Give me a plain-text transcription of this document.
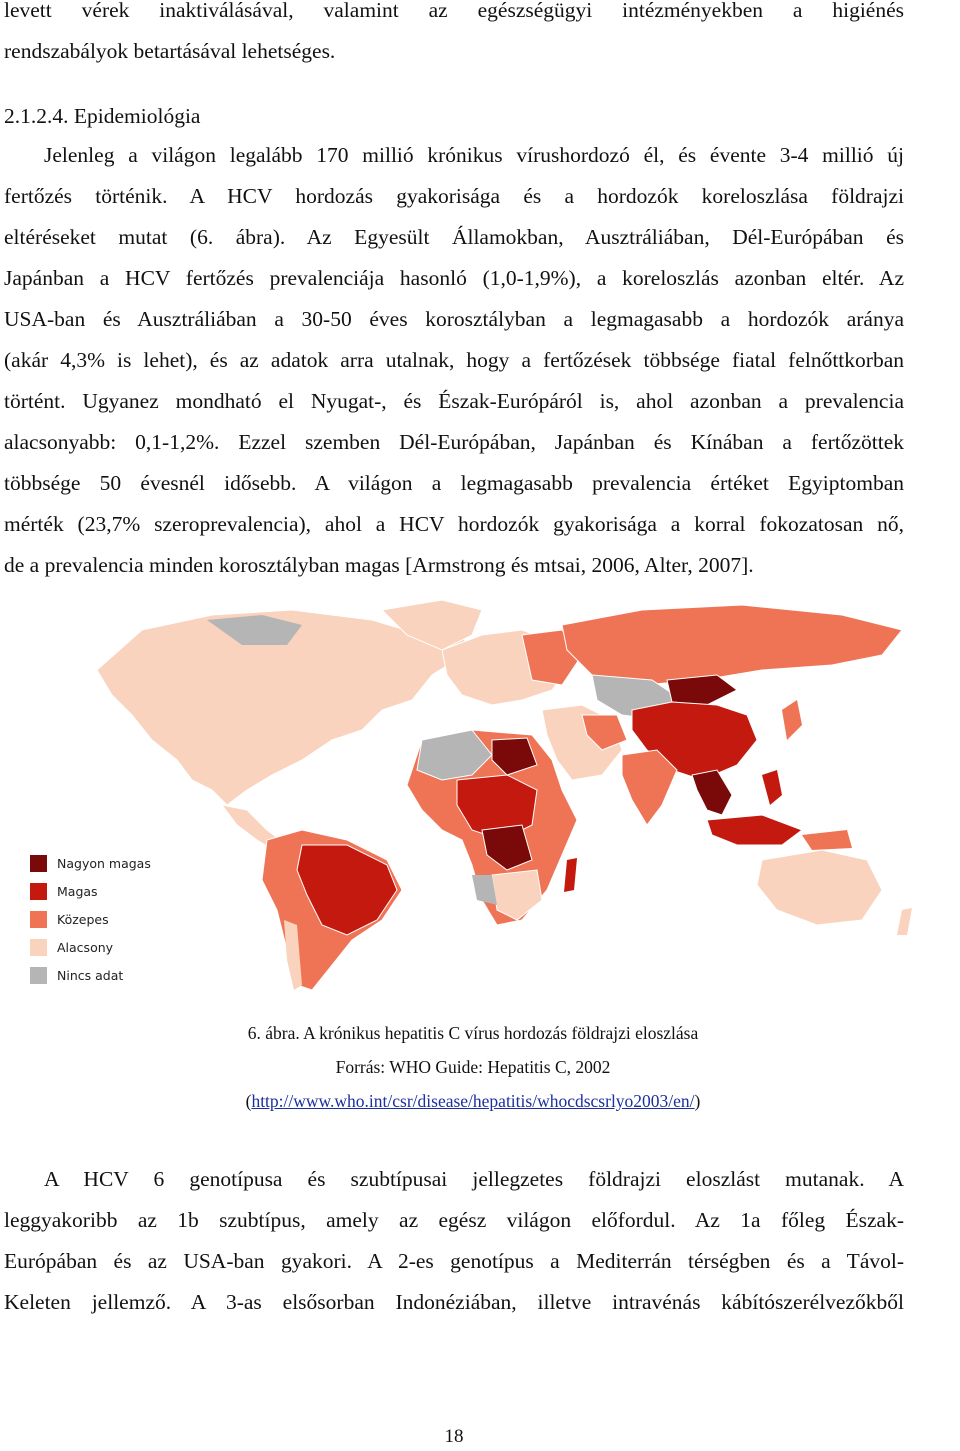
levett vérek inaktiválásával, valamint az egészségügyi intézményekben a higiénés
rendszabályok betartásával lehetséges.
2.1.2.4. Epidemiológia
Jelenleg a világon legalább 170 millió krónikus vírushordozó él, és évente 3-4 millió új
fertőzés történik. A HCV hordozás gyakorisága és a hordozók koreloszlása földrajzi
eltéréseket mutat (6. ábra). Az Egyesült Államokban, Ausztráliában, Dél-Európában és
Japánban a HCV fertőzés prevalenciája hasonló (1,0-1,9%), a koreloszlás azonban eltér. Az
USA-ban és Ausztráliában a 30-50 éves korosztályban a legmagasabb a hordozók aránya
(akár 4,3% is lehet), és az adatok arra utalnak, hogy a fertőzések többsége fiatal felnőttkorban
történt. Ugyanez mondható el Nyugat-, és Észak-Európáról is, ahol azonban a prevalencia
alacsonyabb: 0,1-1,2%. Ezzel szemben Dél-Európában, Japánban és Kínában a fertőzöttek
többsége 50 évesnél idősebb. A világon a legmagasabb prevalencia értéket Egyiptomban
mérték (23,7% szeroprevalencia), ahol a HCV hordozók gyakorisága a korral fokozatosan nő,
de a prevalencia minden korosztályban magas [Armstrong és mtsai, 2006, Alter, 2007].
Nagyon magas
Magas
Közepes
Alacsony
Nincs adat
6. ábra. A krónikus hepatitis C vírus hordozás földrajzi eloszlása
Forrás: WHO Guide: Hepatitis C, 2002
(http://www.who.int/csr/disease/hepatitis/whocdscsrlyo2003/en/)
A HCV 6 genotípusa és szubtípusai jellegzetes földrajzi eloszlást mutanak. A
leggyakoribb az 1b szubtípus, amely az egész világon előfordul. Az 1a főleg Észak-
Európában és az USA-ban gyakori. A 2-es genotípus a Mediterrán térségben és a Távol-
Keleten jellemző. A 3-as elsősorban Indonéziában, illetve intravénás kábítószerélvezőkből
18
